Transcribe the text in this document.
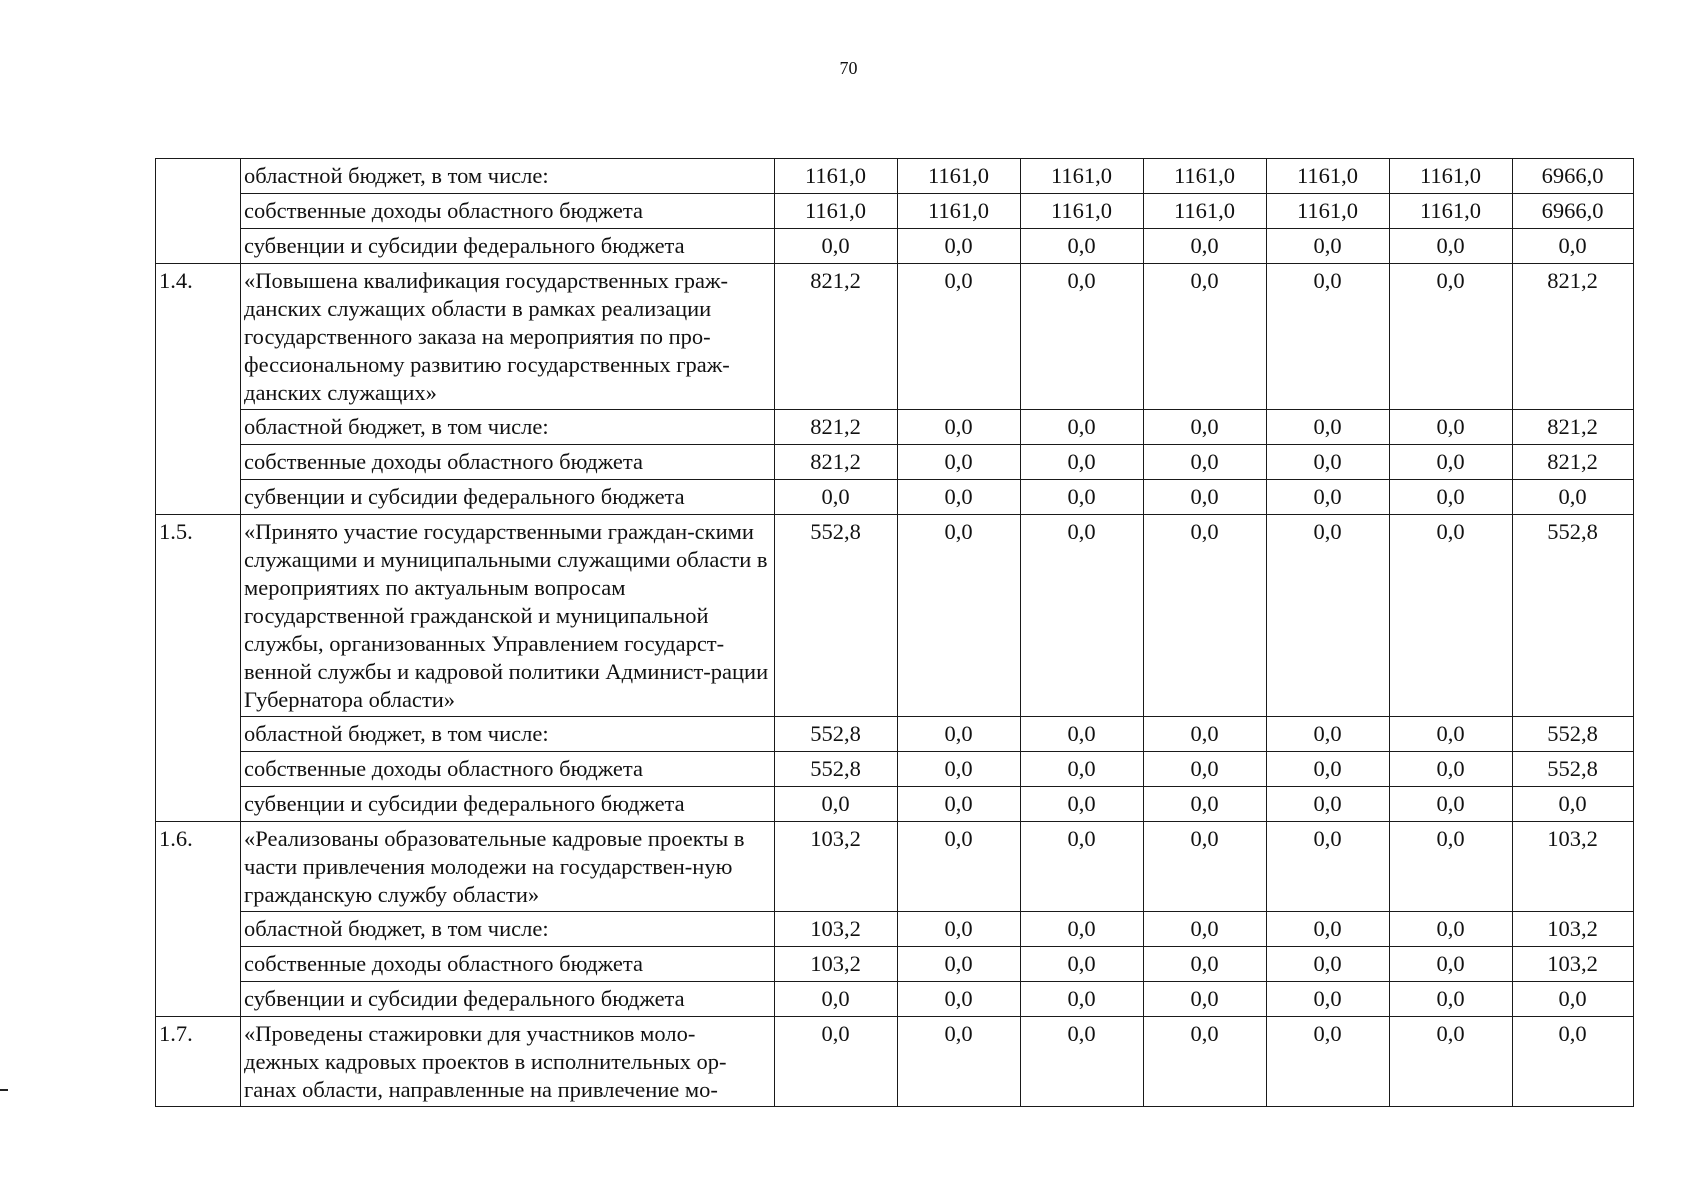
70
	областной бюджет, в том числе:	1161,0	1161,0	1161,0	1161,0	1161,0	1161,0	6966,0
	собственные доходы областного бюджета	1161,0	1161,0	1161,0	1161,0	1161,0	1161,0	6966,0
	субвенции и субсидии федерального бюджета	0,0	0,0	0,0	0,0	0,0	0,0	0,0
1.4.	«Повышена квалификация государственных граж-данских служащих области в рамках реализации государственного заказа на мероприятия по про-фессиональному развитию государственных граж-данских служащих»	821,2	0,0	0,0	0,0	0,0	0,0	821,2
	областной бюджет, в том числе:	821,2	0,0	0,0	0,0	0,0	0,0	821,2
	собственные доходы областного бюджета	821,2	0,0	0,0	0,0	0,0	0,0	821,2
	субвенции и субсидии федерального бюджета	0,0	0,0	0,0	0,0	0,0	0,0	0,0
1.5.	«Принято участие государственными граждан-скими служащими и муниципальными служащими области в мероприятиях по актуальным вопросам государственной гражданской и муниципальной службы, организованных Управлением государст-венной службы и кадровой политики Админист-рации Губернатора области»	552,8	0,0	0,0	0,0	0,0	0,0	552,8
	областной бюджет, в том числе:	552,8	0,0	0,0	0,0	0,0	0,0	552,8
	собственные доходы областного бюджета	552,8	0,0	0,0	0,0	0,0	0,0	552,8
	субвенции и субсидии федерального бюджета	0,0	0,0	0,0	0,0	0,0	0,0	0,0
1.6.	«Реализованы образовательные кадровые проекты в части привлечения молодежи на государствен-ную гражданскую службу области»	103,2	0,0	0,0	0,0	0,0	0,0	103,2
	областной бюджет, в том числе:	103,2	0,0	0,0	0,0	0,0	0,0	103,2
	собственные доходы областного бюджета	103,2	0,0	0,0	0,0	0,0	0,0	103,2
	субвенции и субсидии федерального бюджета	0,0	0,0	0,0	0,0	0,0	0,0	0,0
1.7.	«Проведены стажировки для участников моло-дежных кадровых проектов в исполнительных ор-ганах области, направленные на привлечение мо-	0,0	0,0	0,0	0,0	0,0	0,0	0,0
